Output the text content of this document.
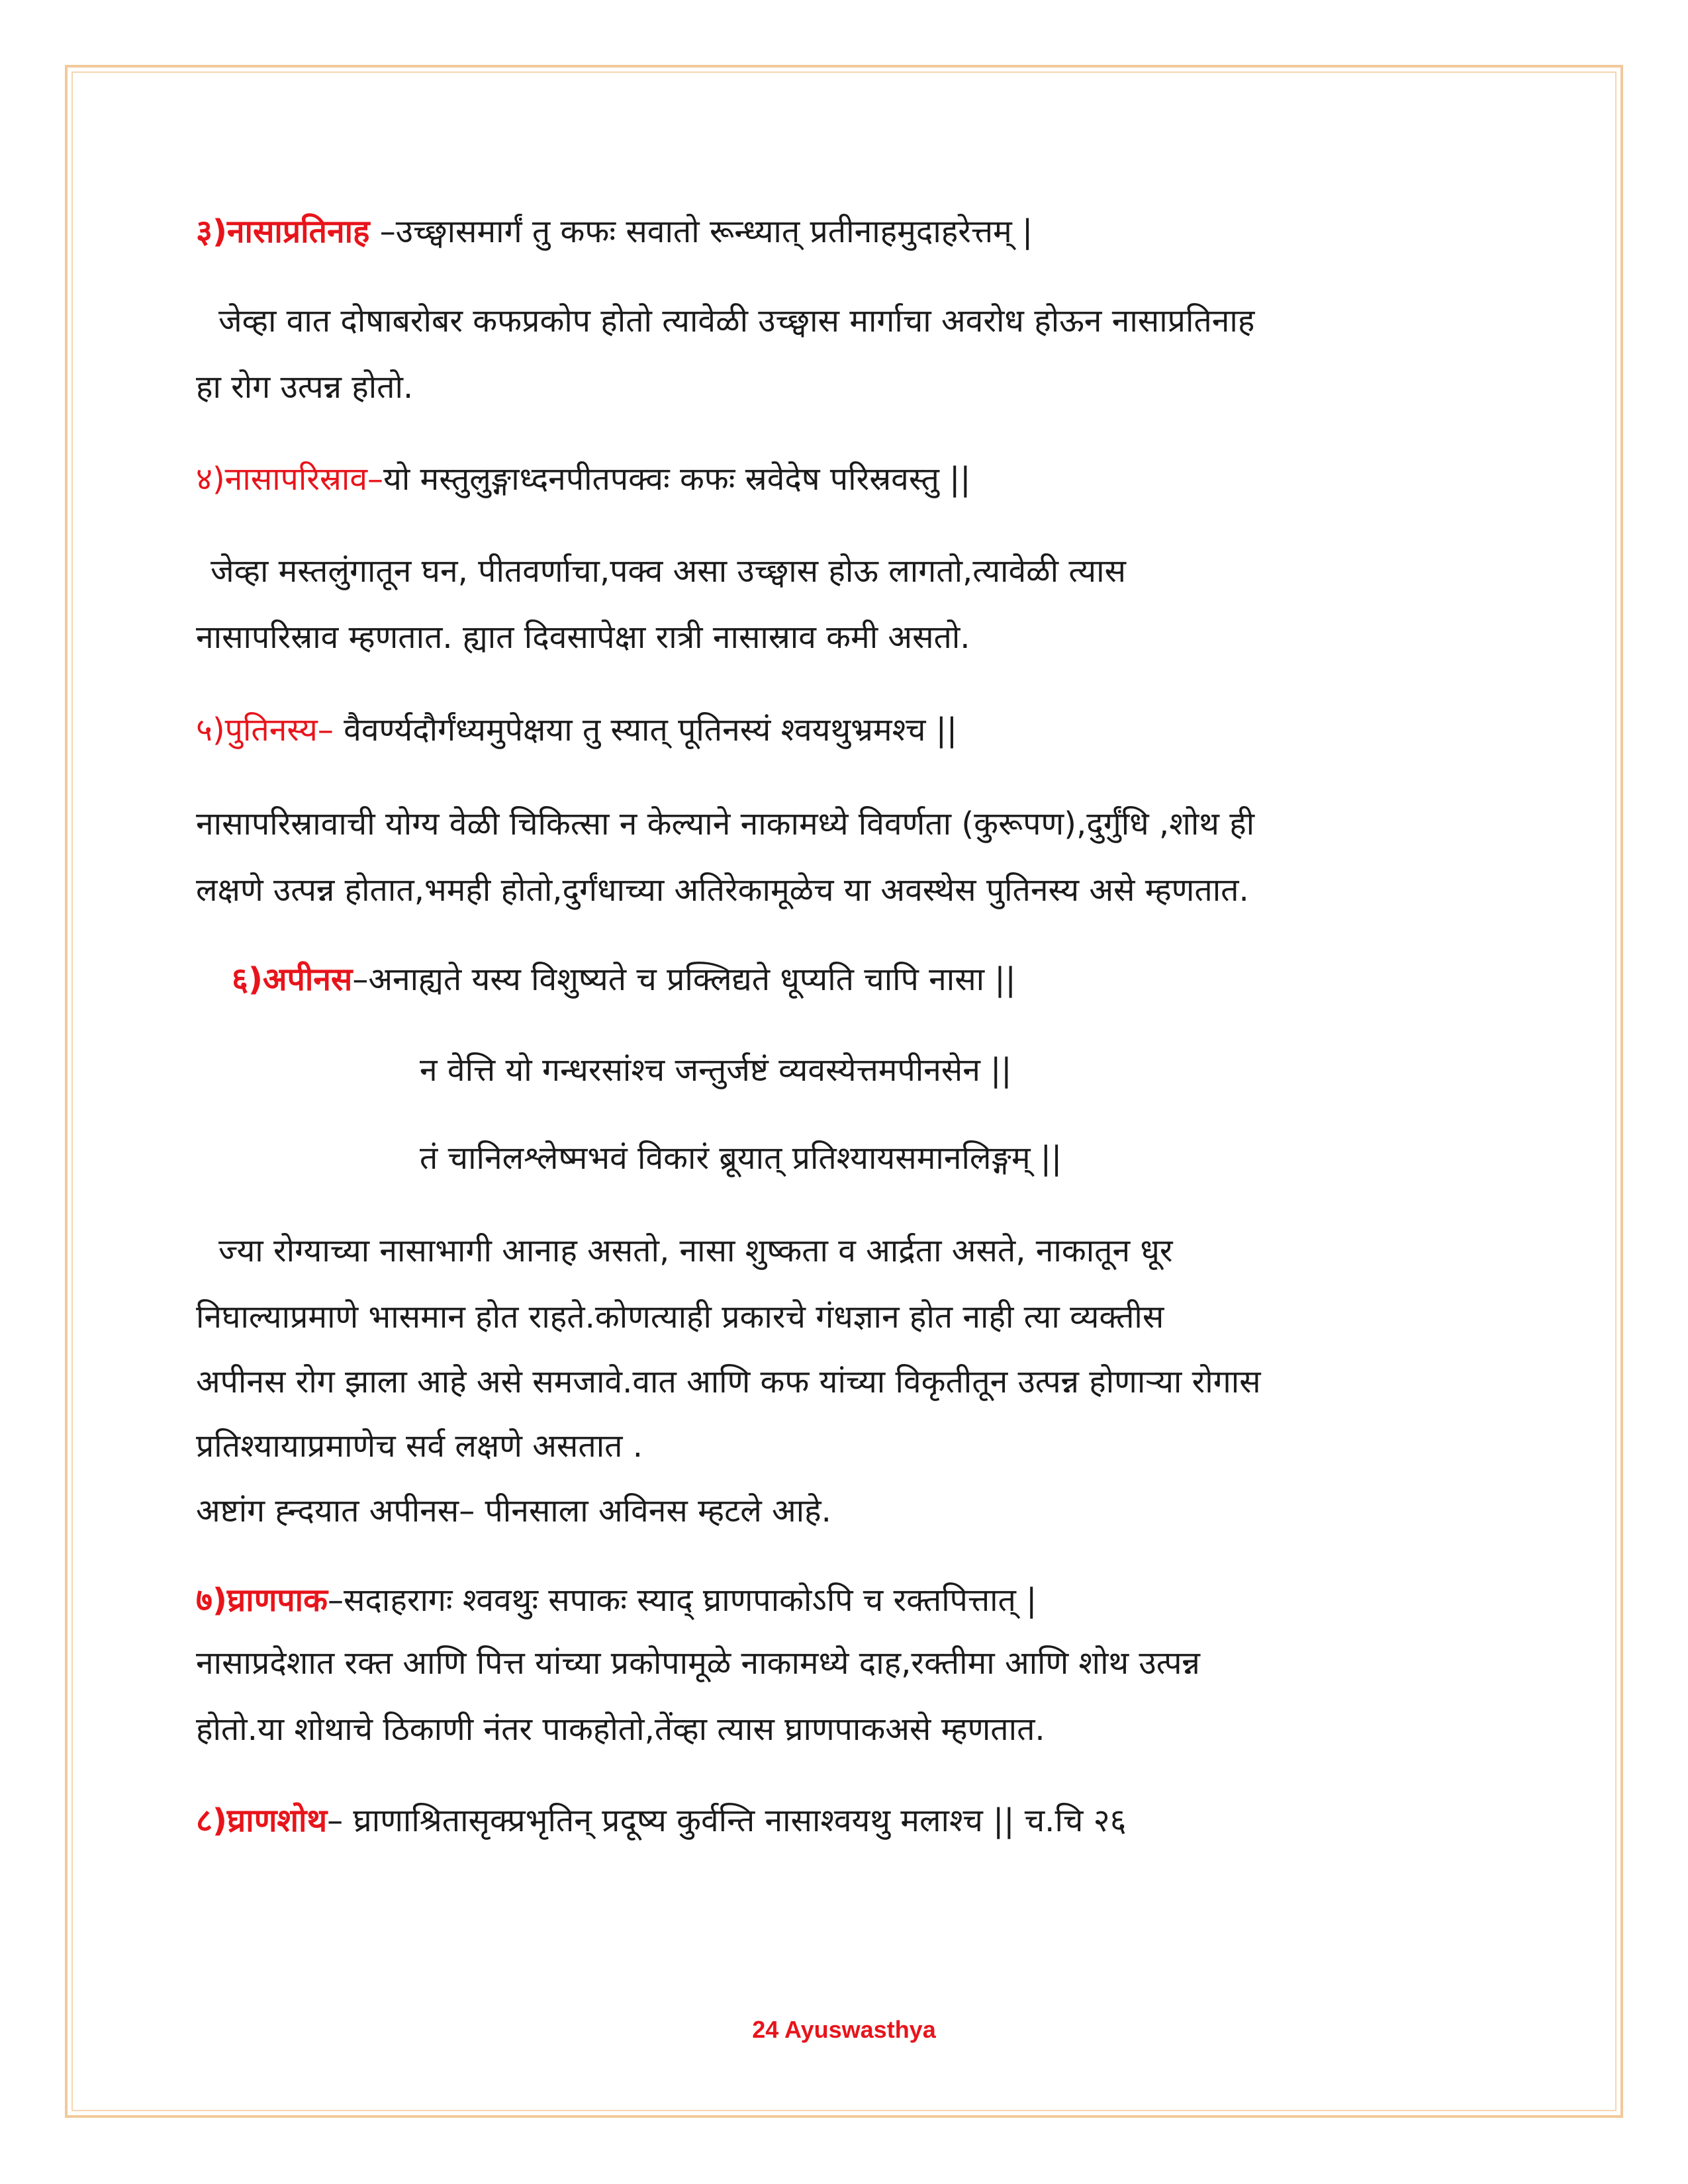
३)नासाप्रतिनाह –उच्छ्वासमार्गं तु कफः सवातो रून्ध्यात् प्रतीनाहमुदाहरेत्तम् |
जेव्हा वात दोषाबरोबर कफप्रकोप होतो त्यावेळी उच्छ्वास मार्गाचा अवरोध होऊन नासाप्रतिनाह
हा रोग उत्पन्न होतो.
४)नासापरिस्राव–यो मस्तुलुङ्गाध्दनपीतपक्वः कफः स्रवेदेष परिस्रवस्तु ||
जेव्हा मस्तलुंगातून घन, पीतवर्णाचा,पक्व असा उच्छ्वास होऊ लागतो,त्यावेळी त्यास
नासापरिस्राव म्हणतात. ह्यात दिवसापेक्षा रात्री नासास्राव कमी असतो.
५)पुतिनस्य– वैवर्ण्यदौर्गंध्यमुपेक्षया तु स्यात् पूतिनस्यं श्वयथुभ्रमश्च ||
नासापरिस्रावाची योग्य वेळी चिकित्सा न केल्याने नाकामध्ये विवर्णता (कुरूपण),दुर्गुंधि ,शोथ ही
लक्षणे उत्पन्न होतात,भमही होतो,दुर्गंधाच्या अतिरेकामूळेच या अवस्थेस पुतिनस्य असे म्हणतात.
६)अपीनस–अनाह्यते यस्य विशुष्यते च प्रक्लिद्यते धूप्यति चापि नासा ||
न वेत्ति यो गन्धरसांश्च जन्तुर्जष्टं व्यवस्येत्तमपीनसेन ||
तं चानिलश्लेष्मभवं विकारं ब्रूयात् प्रतिश्यायसमानलिङ्गम् ||
ज्या रोग्याच्या नासाभागी आनाह असतो, नासा शुष्कता व आर्द्रता असते, नाकातून धूर
निघाल्याप्रमाणे भासमान होत राहते.कोणत्याही प्रकारचे गंधज्ञान होत नाही त्या व्यक्तीस
अपीनस रोग झाला आहे असे समजावे.वात आणि कफ यांच्या विकृतीतून उत्पन्न होणाऱ्या रोगास
प्रतिश्यायाप्रमाणेच सर्व लक्षणे असतात .
अष्टांग ह्न्दयात अपीनस– पीनसाला अविनस म्हटले आहे.
७)घ्राणपाक–सदाहरागः श्ववथुः सपाकः स्याद् घ्राणपाकोऽपि च रक्तपित्तात् |
नासाप्रदेशात रक्त आणि पित्त यांच्या प्रकोपामूळे नाकामध्ये दाह,रक्तीमा आणि शोथ उत्पन्न
होतो.या शोथाचे ठिकाणी नंतर पाकहोतो,तेंव्हा त्यास घ्राणपाकअसे म्हणतात.
८)घ्राणशोथ– घ्राणाश्रितासृक्प्रभृतिन् प्रदूष्य कुर्वन्ति नासाश्वयथु मलाश्च || च.चि २६
24 Ayuswasthya
